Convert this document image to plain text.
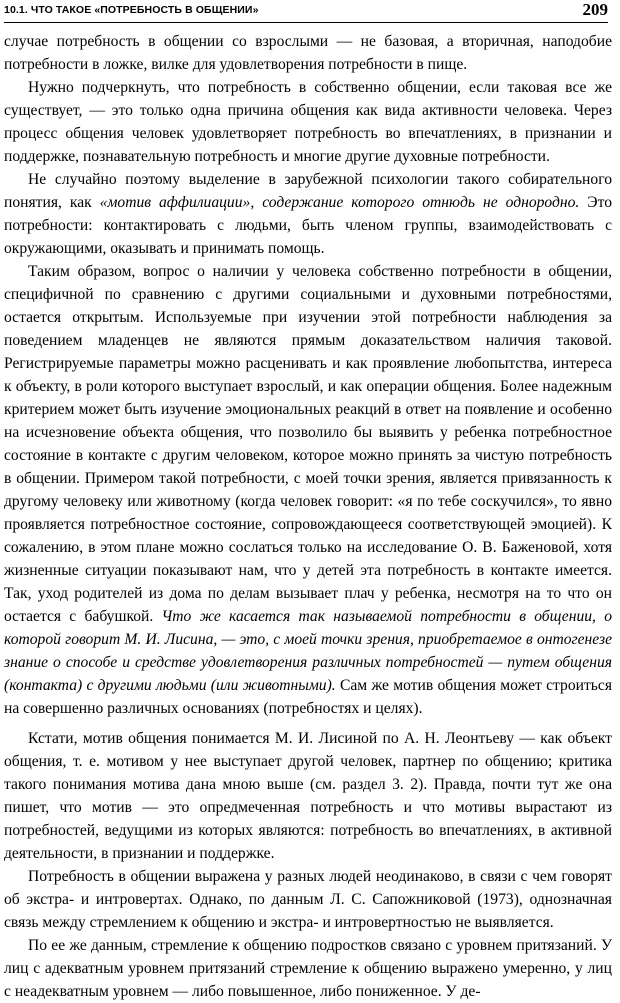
10.1. ЧТО ТАКОЕ «ПОТРЕБНОСТЬ В ОБЩЕНИИ»	209

случае потребность в общении со взрослыми — не базовая, а вторичная, наподобие потребности в ложке, вилке для удовлетворения потребности в пище.

Нужно подчеркнуть, что потребность в собственно общении, если таковая все же существует, — это только одна причина общения как вида активности человека. Через процесс общения человек удовлетворяет потребность во впечатлениях, в признании и поддержке, познавательную потребность и многие другие духовные потребности.

Не случайно поэтому выделение в зарубежной психологии такого собирательного понятия, как «мотив аффилиации», содержание которого отнюдь не однородно. Это потребности: контактировать с людьми, быть членом группы, взаимодействовать с окружающими, оказывать и принимать помощь.

Таким образом, вопрос о наличии у человека собственно потребности в общении, специфичной по сравнению с другими социальными и духовными потребностями, остается открытым. Используемые при изучении этой потребности наблюдения за поведением младенцев не являются прямым доказательством наличия таковой. Регистрируемые параметры можно расценивать и как проявление любопытства, интереса к объекту, в роли которого выступает взрослый, и как операции общения. Более надежным критерием может быть изучение эмоциональных реакций в ответ на появление и особенно на исчезновение объекта общения, что позволило бы выявить у ребенка потребностное состояние в контакте с другим человеком, которое можно принять за чистую потребность в общении. Примером такой потребности, с моей точки зрения, является привязанность к другому человеку или животному (когда человек говорит: «я по тебе соскучился», то явно проявляется потребностное состояние, сопровождающееся соответствующей эмоцией). К сожалению, в этом плане можно сослаться только на исследование О. В. Баженовой, хотя жизненные ситуации показывают нам, что у детей эта потребность в контакте имеется. Так, уход родителей из дома по делам вызывает плач у ребенка, несмотря на то что он остается с бабушкой. Что же касается так называемой потребности в общении, о которой говорит М. И. Лисина, — это, с моей точки зрения, приобретаемое в онтогенезе знание о способе и средстве удовлетворения различных потребностей — путем общения (контакта) с другими людьми (или животными). Сам же мотив общения может строиться на совершенно различных основаниях (потребностях и целях).

Кстати, мотив общения понимается М. И. Лисиной по А. Н. Леонтьеву — как объект общения, т. е. мотивом у нее выступает другой человек, партнер по общению; критика такого понимания мотива дана мною выше (см. раздел 3. 2). Правда, почти тут же она пишет, что мотив — это опредмеченная потребность и что мотивы вырастают из потребностей, ведущими из которых являются: потребность во впечатлениях, в активной деятельности, в признании и поддержке.

Потребность в общении выражена у разных людей неодинаково, в связи с чем говорят об экстра- и интровертах. Однако, по данным Л. С. Сапожниковой (1973), однозначная связь между стремлением к общению и экстра- и интровертностью не выявляется.

По ее же данным, стремление к общению подростков связано с уровнем притязаний. У лиц с адекватным уровнем притязаний стремление к общению выражено умеренно, у лиц с неадекватным уровнем — либо повышенное, либо пониженное. У де-
